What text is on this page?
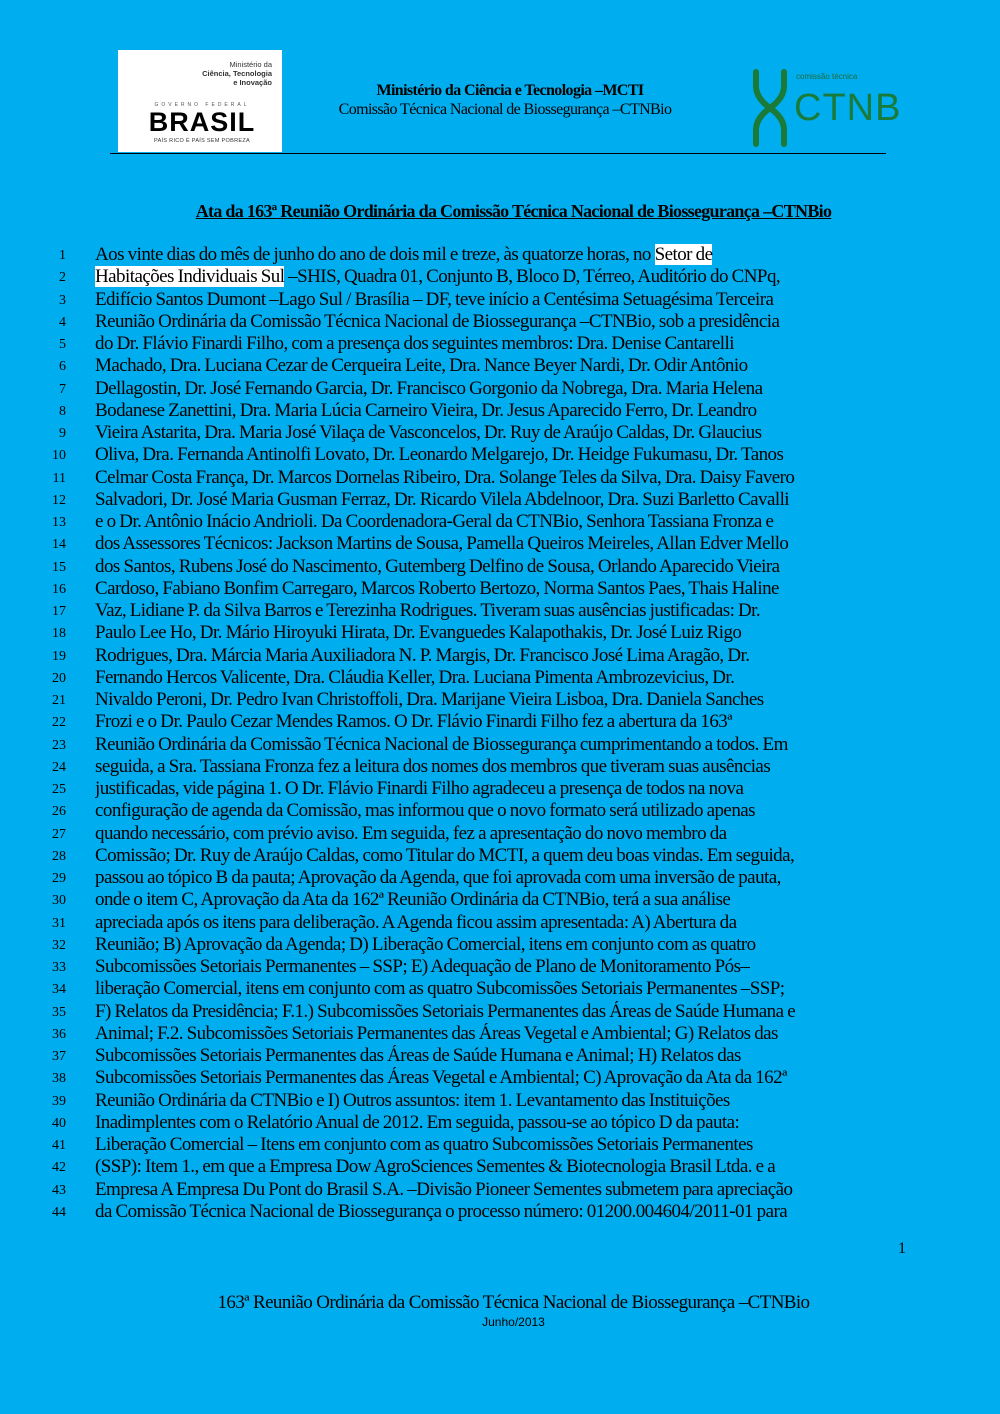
Ministério da
Ciência, Tecnologia
e Inovação
GOVERNO FEDERAL
BRASIL
PAÍS RICO É PAÍS SEM POBREZA
Ministério da Ciência e Tecnologia –MCTI
Comissão Técnica Nacional de Biossegurança –CTNBio
comissão técnica
CTNB
Ata da 163ª Reunião Ordinária da Comissão Técnica Nacional de Biossegurança –CTNBio
1 Aos vinte dias do mês de junho do ano de dois mil e treze, às quatorze horas, no Setor de
2 Habitações Individuais Sul –SHIS, Quadra 01, Conjunto B, Bloco D, Térreo, Auditório do CNPq,
3 Edifício Santos Dumont –Lago Sul / Brasília – DF, teve início a Centésima Setuagésima Terceira
4 Reunião Ordinária da Comissão Técnica Nacional de Biossegurança –CTNBio, sob a presidência
5 do Dr. Flávio Finardi Filho, com a presença dos seguintes membros: Dra. Denise Cantarelli
6 Machado, Dra. Luciana Cezar de Cerqueira Leite, Dra. Nance Beyer Nardi, Dr. Odir Antônio
7 Dellagostin, Dr. José Fernando Garcia, Dr. Francisco Gorgonio da Nobrega, Dra. Maria Helena
8 Bodanese Zanettini, Dra. Maria Lúcia Carneiro Vieira, Dr. Jesus Aparecido Ferro, Dr. Leandro
9 Vieira Astarita, Dra. Maria José Vilaça de Vasconcelos, Dr. Ruy de Araújo Caldas, Dr. Glaucius
10 Oliva, Dra. Fernanda Antinolfi Lovato, Dr. Leonardo Melgarejo, Dr. Heidge Fukumasu, Dr. Tanos
11 Celmar Costa França, Dr. Marcos Dornelas Ribeiro, Dra. Solange Teles da Silva, Dra. Daisy Favero
12 Salvadori, Dr. José Maria Gusman Ferraz, Dr. Ricardo Vilela Abdelnoor, Dra. Suzi Barletto Cavalli
13 e o Dr. Antônio Inácio Andrioli. Da Coordenadora-Geral da CTNBio, Senhora Tassiana Fronza e
14 dos Assessores Técnicos: Jackson Martins de Sousa, Pamella Queiros Meireles, Allan Edver Mello
15 dos Santos, Rubens José do Nascimento, Gutemberg Delfino de Sousa, Orlando Aparecido Vieira
16 Cardoso, Fabiano Bonfim Carregaro, Marcos Roberto Bertozo, Norma Santos Paes, Thais Haline
17 Vaz, Lidiane P. da Silva Barros e Terezinha Rodrigues. Tiveram suas ausências justificadas: Dr.
18 Paulo Lee Ho, Dr. Mário Hiroyuki Hirata, Dr. Evanguedes Kalapothakis, Dr. José Luiz Rigo
19 Rodrigues, Dra. Márcia Maria Auxiliadora N. P. Margis, Dr. Francisco José Lima Aragão, Dr.
20 Fernando Hercos Valicente, Dra. Cláudia Keller, Dra. Luciana Pimenta Ambrozevicius, Dr.
21 Nivaldo Peroni, Dr. Pedro Ivan Christoffoli, Dra. Marijane Vieira Lisboa, Dra. Daniela Sanches
22 Frozi e o Dr. Paulo Cezar Mendes Ramos. O Dr. Flávio Finardi Filho fez a abertura da 163ª
23 Reunião Ordinária da Comissão Técnica Nacional de Biossegurança cumprimentando a todos. Em
24 seguida, a Sra. Tassiana Fronza fez a leitura dos nomes dos membros que tiveram suas ausências
25 justificadas, vide página 1. O Dr. Flávio Finardi Filho agradeceu a presença de todos na nova
26 configuração de agenda da Comissão, mas informou que o novo formato será utilizado apenas
27 quando necessário, com prévio aviso. Em seguida, fez a apresentação do novo membro da
28 Comissão; Dr. Ruy de Araújo Caldas, como Titular do MCTI, a quem deu boas vindas. Em seguida,
29 passou ao tópico B da pauta; Aprovação da Agenda, que foi aprovada com uma inversão de pauta,
30 onde o item C, Aprovação da Ata da 162ª Reunião Ordinária da CTNBio, terá a sua análise
31 apreciada após os itens para deliberação. A Agenda ficou assim apresentada: A) Abertura da
32 Reunião; B) Aprovação da Agenda; D) Liberação Comercial, itens em conjunto com as quatro
33 Subcomissões Setoriais Permanentes – SSP; E) Adequação de Plano de Monitoramento Pós–
34 liberação Comercial, itens em conjunto com as quatro Subcomissões Setoriais Permanentes –SSP;
35 F) Relatos da Presidência; F.1.) Subcomissões Setoriais Permanentes das Áreas de Saúde Humana e
36 Animal; F.2. Subcomissões Setoriais Permanentes das Áreas Vegetal e Ambiental; G) Relatos das
37 Subcomissões Setoriais Permanentes das Áreas de Saúde Humana e Animal; H) Relatos das
38 Subcomissões Setoriais Permanentes das Áreas Vegetal e Ambiental; C) Aprovação da Ata da 162ª
39 Reunião Ordinária da CTNBio e I) Outros assuntos: item 1. Levantamento das Instituições
40 Inadimplentes com o Relatório Anual de 2012. Em seguida, passou-se ao tópico D da pauta:
41 Liberação Comercial – Itens em conjunto com as quatro Subcomissões Setoriais Permanentes
42 (SSP): Item 1., em que a Empresa Dow AgroSciences Sementes & Biotecnologia Brasil Ltda. e a
43 Empresa A Empresa Du Pont do Brasil S.A. –Divisão Pioneer Sementes submetem para apreciação
44 da Comissão Técnica Nacional de Biossegurança o processo número: 01200.004604/2011-01 para
1
163ª Reunião Ordinária da Comissão Técnica Nacional de Biossegurança –CTNBio
Junho/2013
